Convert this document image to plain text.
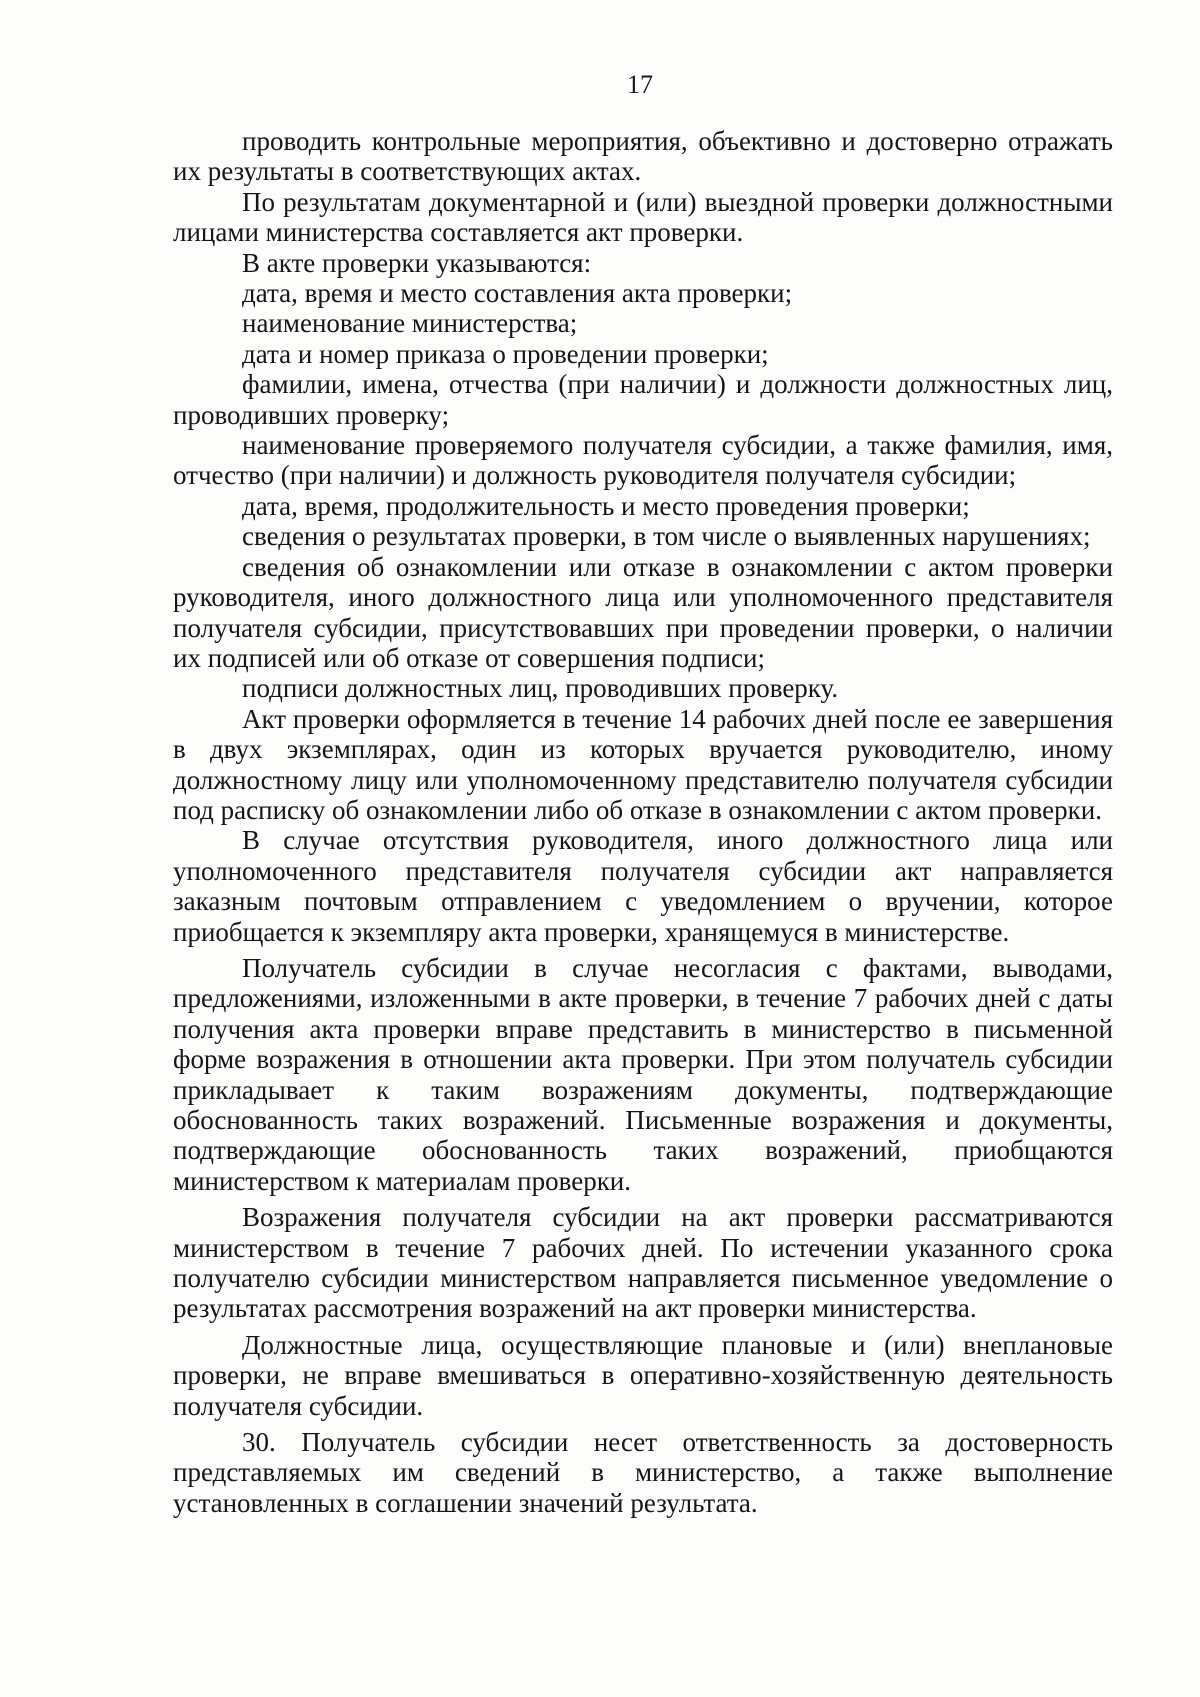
17

проводить контрольные мероприятия, объективно и достоверно отражать их результаты в соответствующих актах.

По результатам документарной и (или) выездной проверки должностными лицами министерства составляется акт проверки.

В акте проверки указываются:

дата, время и место составления акта проверки;

наименование министерства;

дата и номер приказа о проведении проверки;

фамилии, имена, отчества (при наличии) и должности должностных лиц, проводивших проверку;

наименование проверяемого получателя субсидии, а также фамилия, имя, отчество (при наличии) и должность руководителя получателя субсидии;

дата, время, продолжительность и место проведения проверки;

сведения о результатах проверки, в том числе о выявленных нарушениях;

сведения об ознакомлении или отказе в ознакомлении с актом проверки руководителя, иного должностного лица или уполномоченного представителя получателя субсидии, присутствовавших при проведении проверки, о наличии их подписей или об отказе от совершения подписи;

подписи должностных лиц, проводивших проверку.

Акт проверки оформляется в течение 14 рабочих дней после ее завершения в двух экземплярах, один из которых вручается руководителю, иному должностному лицу или уполномоченному представителю получателя субсидии под расписку об ознакомлении либо об отказе в ознакомлении с актом проверки.

В случае отсутствия руководителя, иного должностного лица или уполномоченного представителя получателя субсидии акт направляется заказным почтовым отправлением с уведомлением о вручении, которое приобщается к экземпляру акта проверки, хранящемуся в министерстве.

Получатель субсидии в случае несогласия с фактами, выводами, предложениями, изложенными в акте проверки, в течение 7 рабочих дней с даты получения акта проверки вправе представить в министерство в письменной форме возражения в отношении акта проверки. При этом получатель субсидии прикладывает к таким возражениям документы, подтверждающие обоснованность таких возражений. Письменные возражения и документы, подтверждающие обоснованность таких возражений, приобщаются министерством к материалам проверки.

Возражения получателя субсидии на акт проверки рассматриваются министерством в течение 7 рабочих дней. По истечении указанного срока получателю субсидии министерством направляется письменное уведомление о результатах рассмотрения возражений на акт проверки министерства.

Должностные лица, осуществляющие плановые и (или) внеплановые проверки, не вправе вмешиваться в оперативно-хозяйственную деятельность получателя субсидии.

30. Получатель субсидии несет ответственность за достоверность представляемых им сведений в министерство, а также выполнение установленных в соглашении значений результата.
